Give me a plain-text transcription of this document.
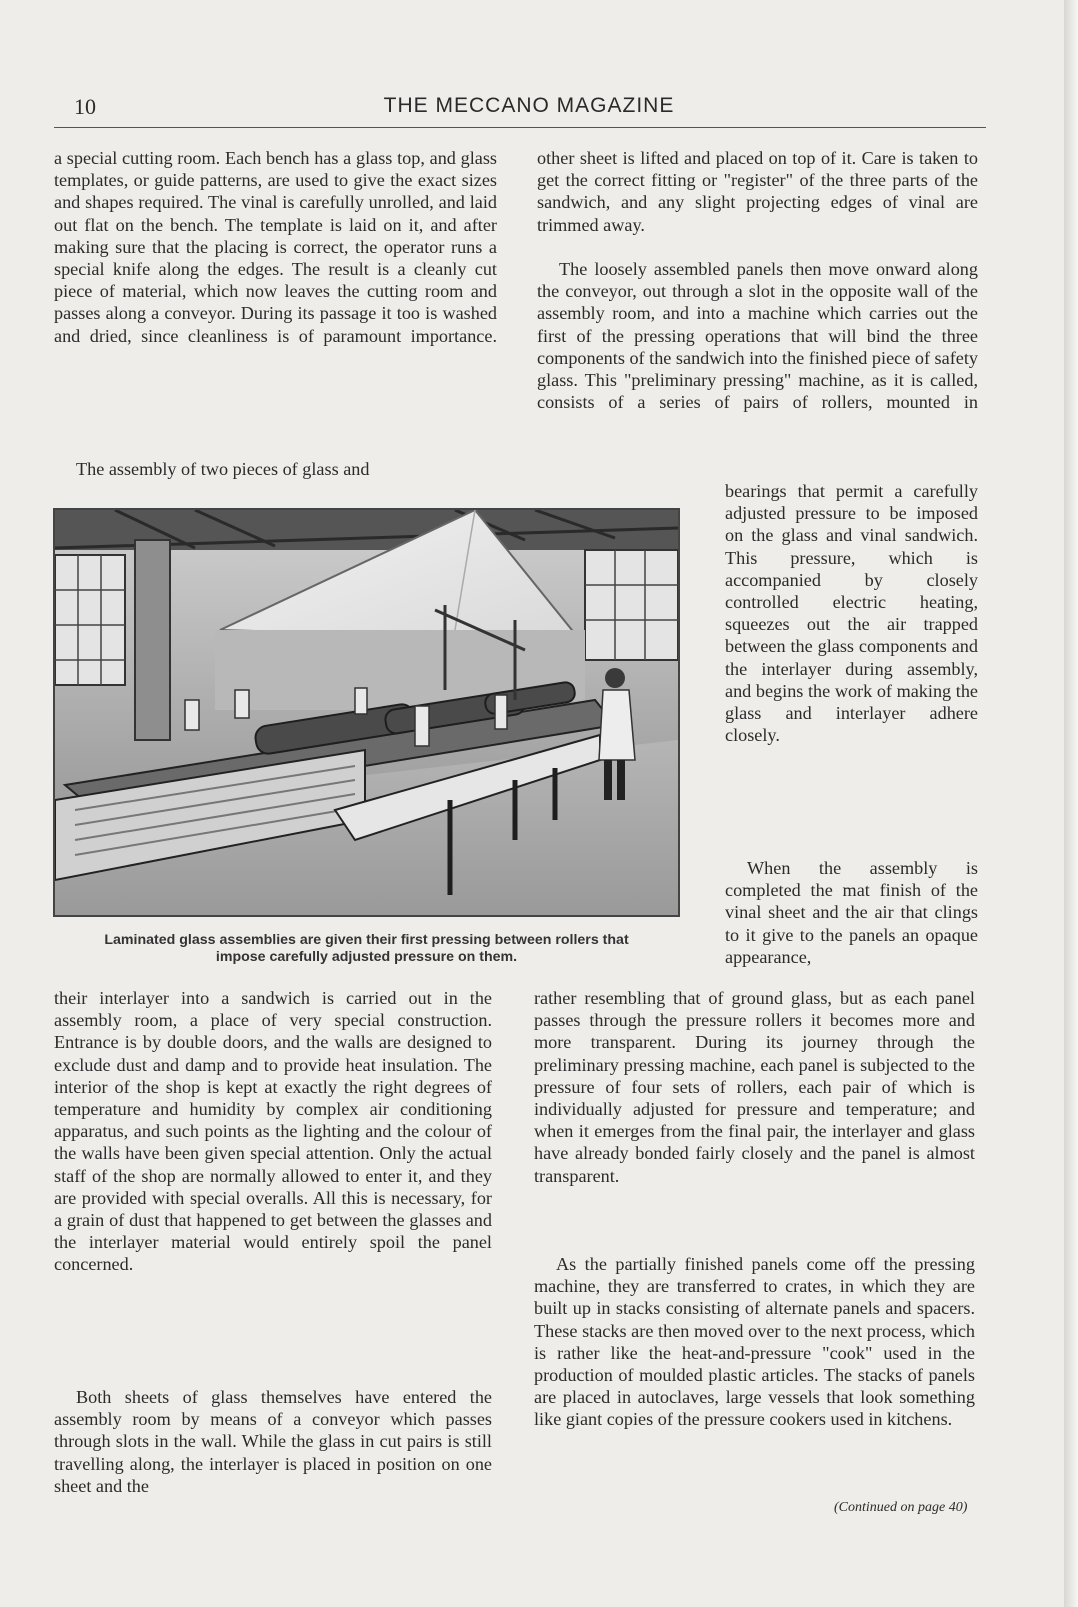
10	THE MECCANO MAGAZINE

a special cutting room. Each bench has a glass top, and glass templates, or guide patterns, are used to give the exact sizes and shapes required. The vinal is carefully unrolled, and laid out flat on the bench. The template is laid on it, and after making sure that the placing is correct, the operator runs a special knife along the edges. The result is a cleanly cut piece of material, which now leaves the cutting room and passes along a conveyor. During its passage it too is washed and dried, since cleanliness is of paramount importance.

The assembly of two pieces of glass and

other sheet is lifted and placed on top of it. Care is taken to get the correct fitting or "register" of the three parts of the sandwich, and any slight projecting edges of vinal are trimmed away.

The loosely assembled panels then move onward along the conveyor, out through a slot in the opposite wall of the assembly room, and into a machine which carries out the first of the pressing operations that will bind the three components of the sandwich into the finished piece of safety glass. This "preliminary pressing" machine, as it is called, consists of a series of pairs of rollers, mounted in

Laminated glass assemblies are given their first pressing between rollers that
impose carefully adjusted pressure on them.

bearings that permit a carefully adjusted pressure to be imposed on the glass and vinal sandwich. This pressure, which is accompanied by closely controlled electric heating, squeezes out the air trapped between the glass components and the interlayer during assembly, and begins the work of making the glass and interlayer adhere closely.

When the assembly is completed the mat finish of the vinal sheet and the air that clings to it give to the panels an opaque appearance,

their interlayer into a sandwich is carried out in the assembly room, a place of very special construction. Entrance is by double doors, and the walls are designed to exclude dust and damp and to provide heat insulation. The interior of the shop is kept at exactly the right degrees of temperature and humidity by complex air conditioning apparatus, and such points as the lighting and the colour of the walls have been given special attention. Only the actual staff of the shop are normally allowed to enter it, and they are provided with special overalls. All this is necessary, for a grain of dust that happened to get between the glasses and the interlayer material would entirely spoil the panel concerned.

Both sheets of glass themselves have entered the assembly room by means of a conveyor which passes through slots in the wall. While the glass in cut pairs is still travelling along, the interlayer is placed in position on one sheet and the

rather resembling that of ground glass, but as each panel passes through the pressure rollers it becomes more and more transparent. During its journey through the preliminary pressing machine, each panel is subjected to the pressure of four sets of rollers, each pair of which is individually adjusted for pressure and temperature; and when it emerges from the final pair, the interlayer and glass have already bonded fairly closely and the panel is almost transparent.

As the partially finished panels come off the pressing machine, they are transferred to crates, in which they are built up in stacks consisting of alternate panels and spacers. These stacks are then moved over to the next process, which is rather like the heat-and-pressure "cook" used in the production of moulded plastic articles. The stacks of panels are placed in autoclaves, large vessels that look something like giant copies of the pressure cookers used in kitchens.

(Continued on page 40)
